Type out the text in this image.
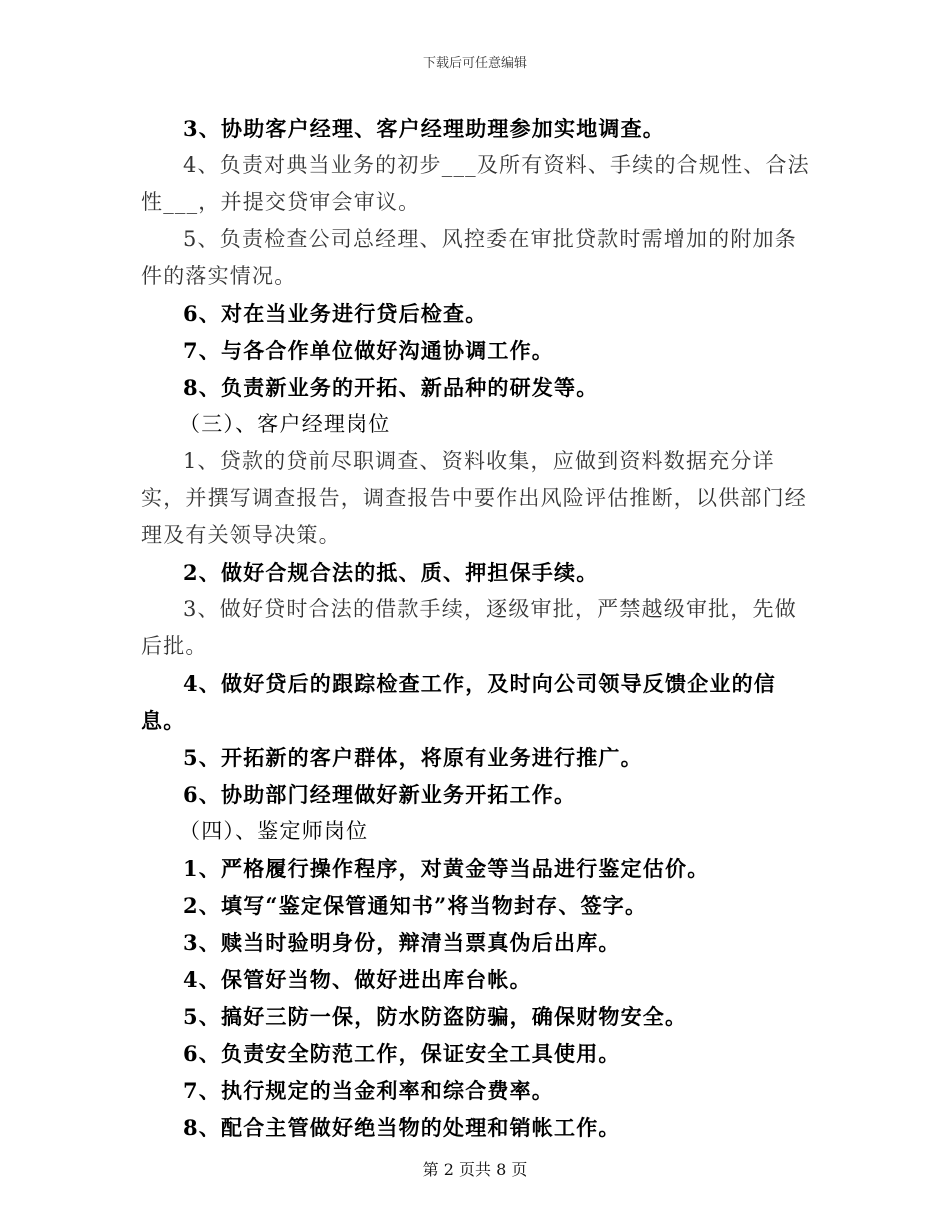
下载后可任意编辑

3、协助客户经理、客户经理助理参加实地调查。

4、负责对典当业务的初步___及所有资料、手续的合规性、合法性___，并提交贷审会审议。

5、负责检查公司总经理、风控委在审批贷款时需增加的附加条件的落实情况。

6、对在当业务进行贷后检查。

7、与各合作单位做好沟通协调工作。

8、负责新业务的开拓、新品种的研发等。

（三）、客户经理岗位

1、贷款的贷前尽职调查、资料收集，应做到资料数据充分详实，并撰写调查报告，调查报告中要作出风险评估推断，以供部门经理及有关领导决策。

2、做好合规合法的抵、质、押担保手续。

3、做好贷时合法的借款手续，逐级审批，严禁越级审批，先做后批。

4、做好贷后的跟踪检查工作，及时向公司领导反馈企业的信息。

5、开拓新的客户群体，将原有业务进行推广。

6、协助部门经理做好新业务开拓工作。

（四）、鉴定师岗位

1、严格履行操作程序，对黄金等当品进行鉴定估价。

2、填写“鉴定保管通知书”将当物封存、签字。

3、赎当时验明身份，辩清当票真伪后出库。

4、保管好当物、做好进出库台帐。

5、搞好三防一保，防水防盗防骗，确保财物安全。

6、负责安全防范工作，保证安全工具使用。

7、执行规定的当金利率和综合费率。

8、配合主管做好绝当物的处理和销帐工作。

第 2 页共 8 页
